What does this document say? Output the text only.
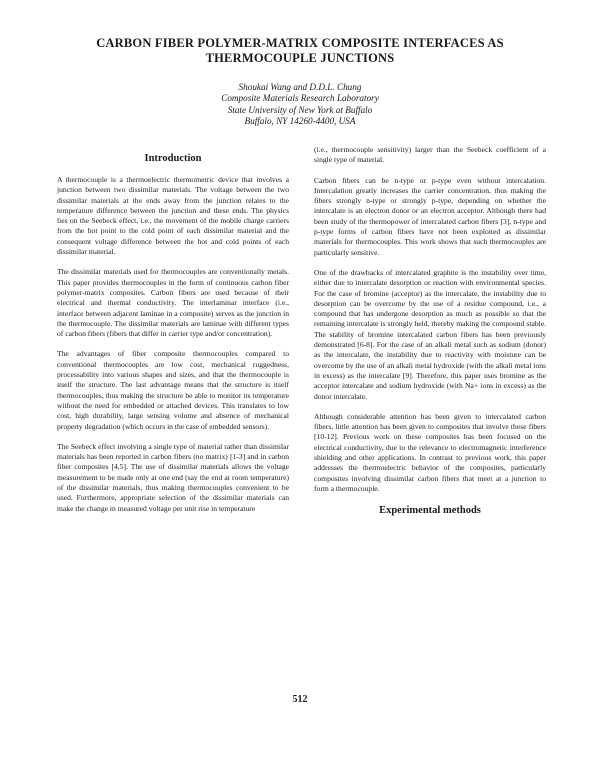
CARBON FIBER POLYMER-MATRIX COMPOSITE INTERFACES AS
THERMOCOUPLE JUNCTIONS
Shoukai Wang and D.D.L. Chung
Composite Materials Research Laboratory
State University of New York at Buffalo
Buffalo, NY 14260-4400, USA
Introduction

A thermocouple is a thermoelectric thermometric device that involves a junction between two dissimilar materials. The voltage between the two dissimilar materials at the ends away from the junction relates to the temperature difference between the junction and these ends. The physics lies on the Seebeck effect, i.e., the movement of the mobile charge carriers from the hot point to the cold point of each dissimilar material and the consequent voltage difference between the hot and cold points of each dissimilar material.

The dissimilar materials used for thermocouples are conventionally metals. This paper provides thermocouples in the form of continuous carbon fiber polymer-matrix composites. Carbon fibers are used because of their electrical and thermal conductivity. The interlaminar interface (i.e., interface between adjacent laminae in a composite) serves as the junction in the thermocouple. The dissimilar materials are laminae with different types of carbon fibers (fibers that differ in carrier type and/or concentration).

The advantages of fiber composite thermocouples compared to conventional thermocouples are low cost, mechanical ruggedness, processability into various shapes and sizes, and that the thermocouple is itself the structure. The last advantage means that the structure is itself thermocouples, thus making the structure be able to monitor its temperature without the need for embedded or attached devices. This translates to low cost, high durability, large sensing volume and absence of mechanical property degradation (which occurs in the case of embedded sensors).

The Seebeck effect involving a single type of material rather than dissimilar materials has been reported in carbon fibers (no matrix) [1-3] and in carbon fiber composites [4,5]. The use of dissimilar materials allows the voltage measurement to be made only at one end (say the end at room temperature) of the dissimilar materials, thus making thermocouples convenient to be used. Furthermore, appropriate selection of the dissimilar materials can make the change in measured voltage per unit rise in temperature

(i.e., thermocouple sensitivity) larger than the Seebeck coefficient of a single type of material.

Carbon fibers can be n-type or p-type even without intercalation. Intercalation greatly increases the carrier concentration, thus making the fibers strongly n-type or strongly p-type, depending on whether the intercalate is an electron donor or an electron acceptor. Although there had been study of the thermopower of intercalated carbon fibers [3], n-type and p-type forms of carbon fibers have not been exploited as dissimilar materials for thermocouples. This work shows that such thermocouples are particularly sensitive.

One of the drawbacks of intercalated graphite is the instability over time, either due to intercalate desorption or reaction with environmental species. For the case of bromine (acceptor) as the intercalate, the instability due to desorption can be overcome by the use of a residue compound, i.e., a compound that has undergone desorption as much as possible so that the remaining intercalate is strongly held, thereby making the compound stable. The stability of bromine intercalated carbon fibers has been previously demonstrated [6-8]. For the case of an alkali metal such as sodium (donor) as the intercalate, the instability due to reactivity with moisture can be overcome by the use of an alkali metal hydroxide (with the alkali metal ions in excess) as the intercalate [9]. Therefore, this paper uses bromine as the acceptor intercalate and sodium hydroxide (with Na+ ions in excess) as the donor intercalate.

Although considerable attention has been given to intercalated carbon fibers, little attention has been given to composites that involve these fibers [10-12]. Previous work on these composites has been focused on the electrical conductivity, due to the relevance to electromagnetic interference shielding and other applications. In contrast to previous work, this paper addresses the thermoelectric behavior of the composites, particularly composites involving dissimilar carbon fibers that meet at a junction to form a thermocouple.

Experimental methods
512
